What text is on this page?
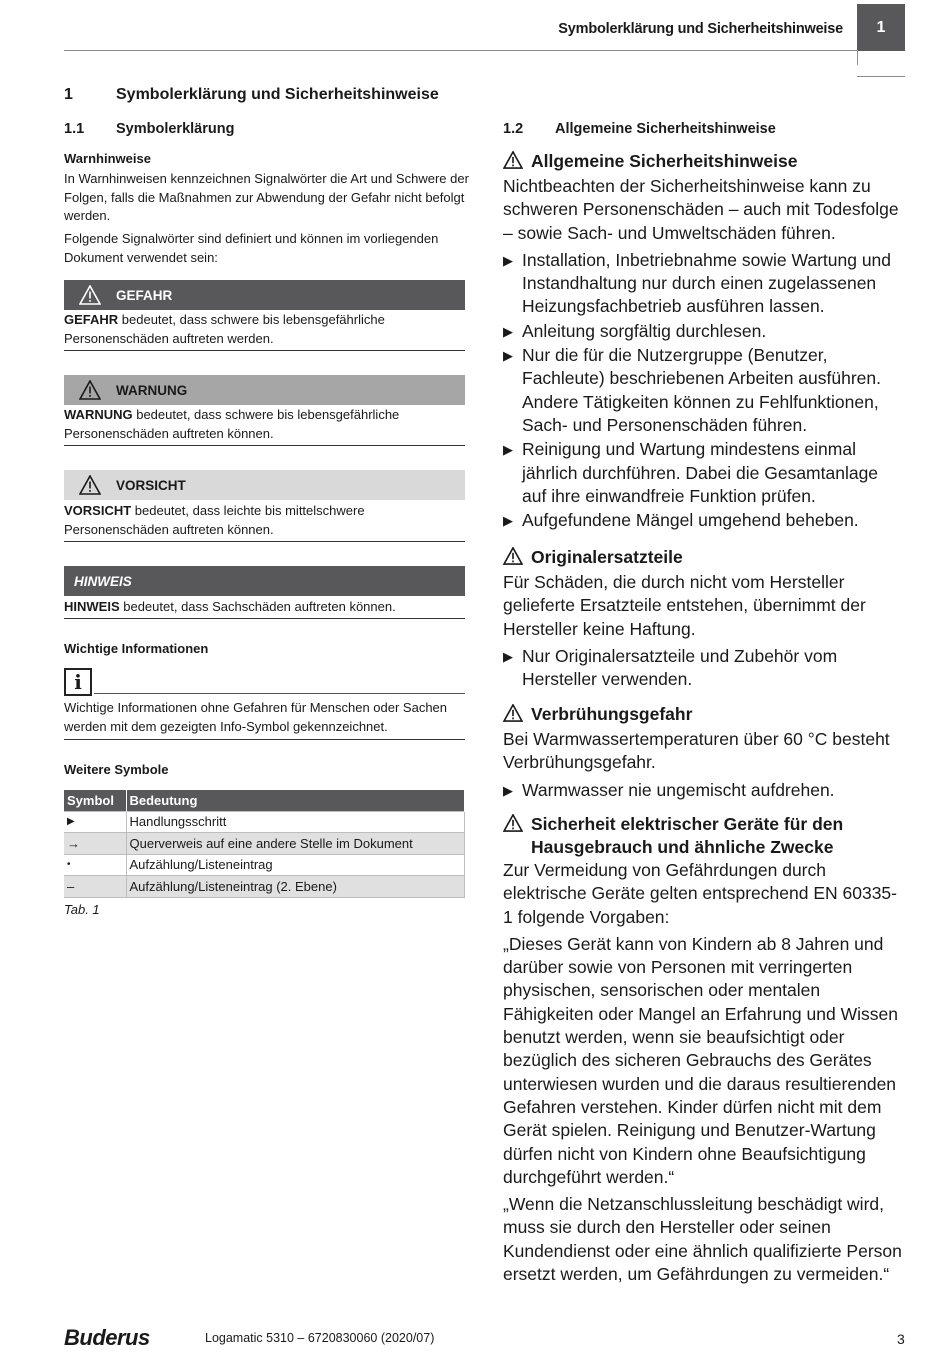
Symbolerklärung und Sicherheitshinweise	1
1	Symbolerklärung und Sicherheitshinweise
1.1 Symbolerklärung
Warnhinweise
In Warnhinweisen kennzeichnen Signalwörter die Art und Schwere der Folgen, falls die Maßnahmen zur Abwendung der Gefahr nicht befolgt werden.
Folgende Signalwörter sind definiert und können im vorliegenden Dokument verwendet sein:
GEFAHR
GEFAHR bedeutet, dass schwere bis lebensgefährliche Personenschäden auftreten werden.
WARNUNG
WARNUNG bedeutet, dass schwere bis lebensgefährliche Personenschäden auftreten können.
VORSICHT
VORSICHT bedeutet, dass leichte bis mittelschwere Personenschäden auftreten können.
HINWEIS
HINWEIS bedeutet, dass Sachschäden auftreten können.
Wichtige Informationen
i
Wichtige Informationen ohne Gefahren für Menschen oder Sachen werden mit dem gezeigten Info-Symbol gekennzeichnet.
Weitere Symbole
Symbol	Bedeutung
▶	Handlungsschritt
→	Querverweis auf eine andere Stelle im Dokument
•	Aufzählung/Listeneintrag
–	Aufzählung/Listeneintrag (2. Ebene)
Tab. 1
1.2 Allgemeine Sicherheitshinweise
Allgemeine Sicherheitshinweise
Nichtbeachten der Sicherheitshinweise kann zu schweren Personenschäden – auch mit Todesfolge – sowie Sach- und Umweltschäden führen.
▶ Installation, Inbetriebnahme sowie Wartung und Instandhaltung nur durch einen zugelassenen Heizungsfachbetrieb ausführen lassen.
▶ Anleitung sorgfältig durchlesen.
▶ Nur die für die Nutzergruppe (Benutzer, Fachleute) beschriebenen Arbeiten ausführen. Andere Tätigkeiten können zu Fehlfunktionen, Sach- und Personenschäden führen.
▶ Reinigung und Wartung mindestens einmal jährlich durchführen. Dabei die Gesamtanlage auf ihre einwandfreie Funktion prüfen.
▶ Aufgefundene Mängel umgehend beheben.
Originalersatzteile
Für Schäden, die durch nicht vom Hersteller gelieferte Ersatzteile entstehen, übernimmt der Hersteller keine Haftung.
▶ Nur Originalersatzteile und Zubehör vom Hersteller verwenden.
Verbrühungsgefahr
Bei Warmwassertemperaturen über 60 °C besteht Verbrühungsgefahr.
▶ Warmwasser nie ungemischt aufdrehen.
Sicherheit elektrischer Geräte für den Hausgebrauch und ähnliche Zwecke
Zur Vermeidung von Gefährdungen durch elektrische Geräte gelten entsprechend EN 60335-1 folgende Vorgaben:
„Dieses Gerät kann von Kindern ab 8 Jahren und darüber sowie von Personen mit verringerten physischen, sensorischen oder mentalen Fähigkeiten oder Mangel an Erfahrung und Wissen benutzt werden, wenn sie beaufsichtigt oder bezüglich des sicheren Gebrauchs des Gerätes unterwiesen wurden und die daraus resultierenden Gefahren verstehen. Kinder dürfen nicht mit dem Gerät spielen. Reinigung und Benutzer-Wartung dürfen nicht von Kindern ohne Beaufsichtigung durchgeführt werden.“
„Wenn die Netzanschlussleitung beschädigt wird, muss sie durch den Hersteller oder seinen Kundendienst oder eine ähnlich qualifizierte Person ersetzt werden, um Gefährdungen zu vermeiden.“
Buderus	Logamatic 5310 – 6720830060 (2020/07)	3
